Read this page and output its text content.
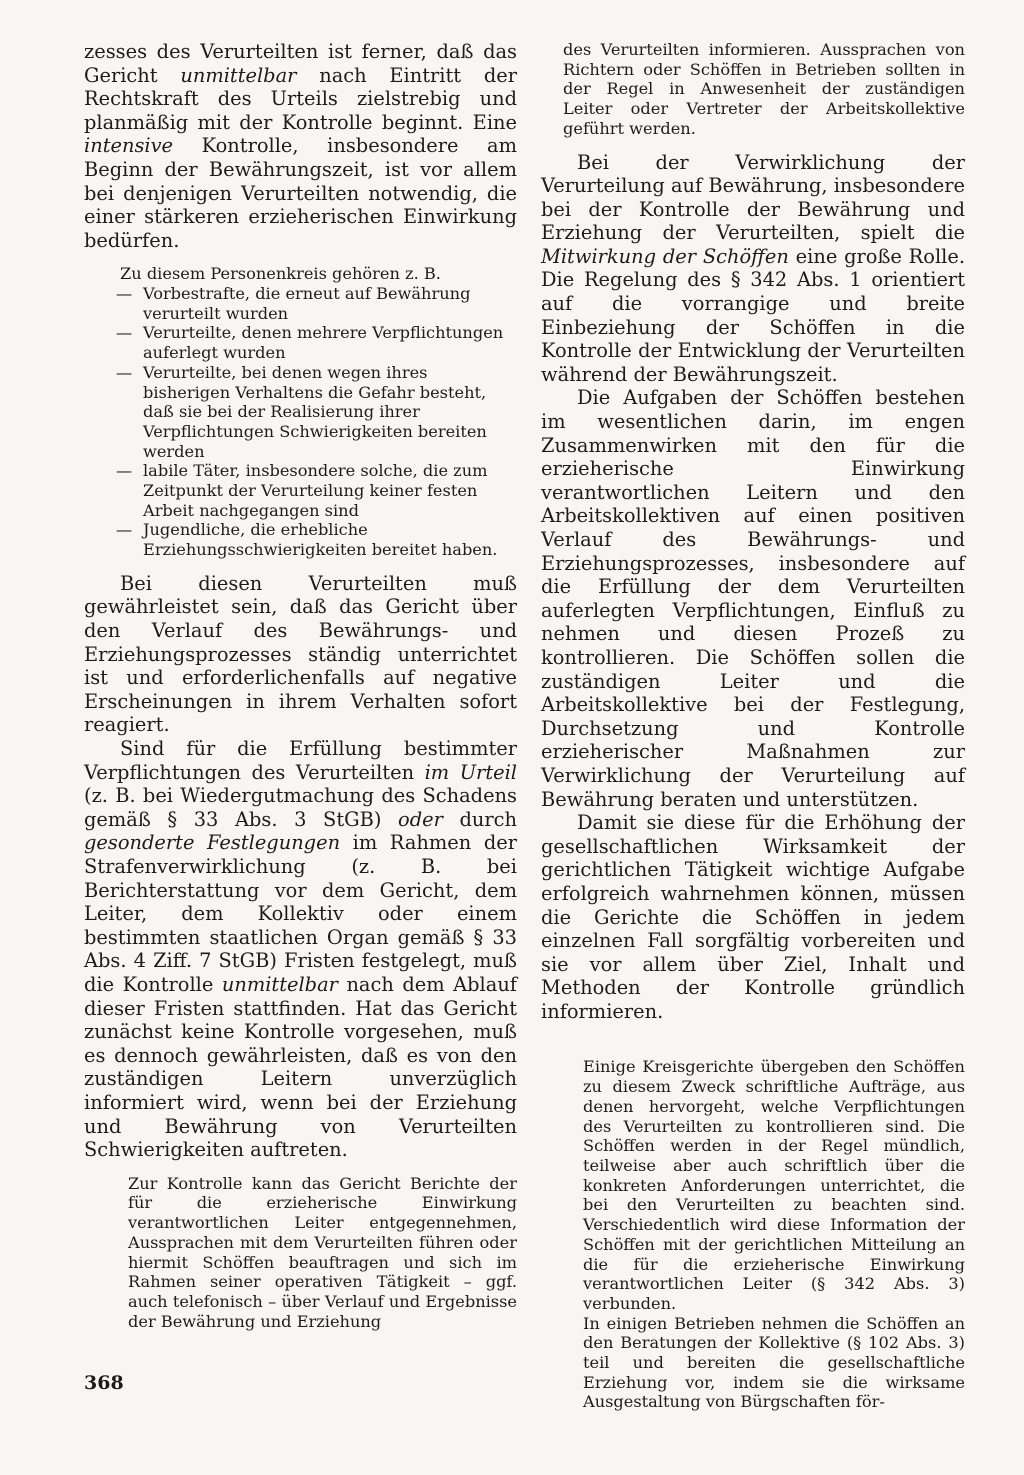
zesses des Verurteilten ist ferner, daß das Gericht unmittelbar nach Eintritt der Rechtskraft des Urteils zielstrebig und planmäßig mit der Kontrolle beginnt. Eine intensive Kontrolle, insbesondere am Beginn der Bewährungszeit, ist vor allem bei denjenigen Verurteilten notwendig, die einer stärkeren erzieherischen Einwirkung bedürfen.

Zu diesem Personenkreis gehören z. B.

— Vorbestrafte, die erneut auf Bewährung verurteilt wurden
— Verurteilte, denen mehrere Verpflichtungen auferlegt wurden
— Verurteilte, bei denen wegen ihres bisherigen Verhaltens die Gefahr besteht, daß sie bei der Realisierung ihrer Verpflichtungen Schwierigkeiten bereiten werden
— labile Täter, insbesondere solche, die zum Zeitpunkt der Verurteilung keiner festen Arbeit nachgegangen sind
— Jugendliche, die erhebliche Erziehungsschwierigkeiten bereitet haben.

Bei diesen Verurteilten muß gewährleistet sein, daß das Gericht über den Verlauf des Bewährungs- und Erziehungsprozesses ständig unterrichtet ist und erforderlichenfalls auf negative Erscheinungen in ihrem Verhalten sofort reagiert.

Sind für die Erfüllung bestimmter Verpflichtungen des Verurteilten im Urteil (z. B. bei Wiedergutmachung des Schadens gemäß § 33 Abs. 3 StGB) oder durch gesonderte Festlegungen im Rahmen der Strafenverwirklichung (z. B. bei Berichterstattung vor dem Gericht, dem Leiter, dem Kollektiv oder einem bestimmten staatlichen Organ gemäß § 33 Abs. 4 Ziff. 7 StGB) Fristen festgelegt, muß die Kontrolle unmittelbar nach dem Ablauf dieser Fristen stattfinden. Hat das Gericht zunächst keine Kontrolle vorgesehen, muß es dennoch gewährleisten, daß es von den zuständigen Leitern unverzüglich informiert wird, wenn bei der Erziehung und Bewährung von Verurteilten Schwierigkeiten auftreten.

Zur Kontrolle kann das Gericht Berichte der für die erzieherische Einwirkung verantwortlichen Leiter entgegennehmen, Aussprachen mit dem Verurteilten führen oder hiermit Schöffen beauftragen und sich im Rahmen seiner operativen Tätigkeit – ggf. auch telefonisch – über Verlauf und Ergebnisse der Bewährung und Erziehung

des Verurteilten informieren. Aussprachen von Richtern oder Schöffen in Betrieben sollten in der Regel in Anwesenheit der zuständigen Leiter oder Vertreter der Arbeitskollektive geführt werden.

Bei der Verwirklichung der Verurteilung auf Bewährung, insbesondere bei der Kontrolle der Bewährung und Erziehung der Verurteilten, spielt die Mitwirkung der Schöffen eine große Rolle. Die Regelung des § 342 Abs. 1 orientiert auf die vorrangige und breite Einbeziehung der Schöffen in die Kontrolle der Entwicklung der Verurteilten während der Bewährungszeit.

Die Aufgaben der Schöffen bestehen im wesentlichen darin, im engen Zusammenwirken mit den für die erzieherische Einwirkung verantwortlichen Leitern und den Arbeitskollektiven auf einen positiven Verlauf des Bewährungs- und Erziehungsprozesses, insbesondere auf die Erfüllung der dem Verurteilten auferlegten Verpflichtungen, Einfluß zu nehmen und diesen Prozeß zu kontrollieren. Die Schöffen sollen die zuständigen Leiter und die Arbeitskollektive bei der Festlegung, Durchsetzung und Kontrolle erzieherischer Maßnahmen zur Verwirklichung der Verurteilung auf Bewährung beraten und unterstützen.

Damit sie diese für die Erhöhung der gesellschaftlichen Wirksamkeit der gerichtlichen Tätigkeit wichtige Aufgabe erfolgreich wahrnehmen können, müssen die Gerichte die Schöffen in jedem einzelnen Fall sorgfältig vorbereiten und sie vor allem über Ziel, Inhalt und Methoden der Kontrolle gründlich informieren.

Einige Kreisgerichte übergeben den Schöffen zu diesem Zweck schriftliche Aufträge, aus denen hervorgeht, welche Verpflichtungen des Verurteilten zu kontrollieren sind. Die Schöffen werden in der Regel mündlich, teilweise aber auch schriftlich über die konkreten Anforderungen unterrichtet, die bei den Verurteilten zu beachten sind. Verschiedentlich wird diese Information der Schöffen mit der gerichtlichen Mitteilung an die für die erzieherische Einwirkung verantwortlichen Leiter (§ 342 Abs. 3) verbunden.

In einigen Betrieben nehmen die Schöffen an den Beratungen der Kollektive (§ 102 Abs. 3) teil und bereiten die gesellschaftliche Erziehung vor, indem sie die wirksame Ausgestaltung von Bürgschaften för-

368
